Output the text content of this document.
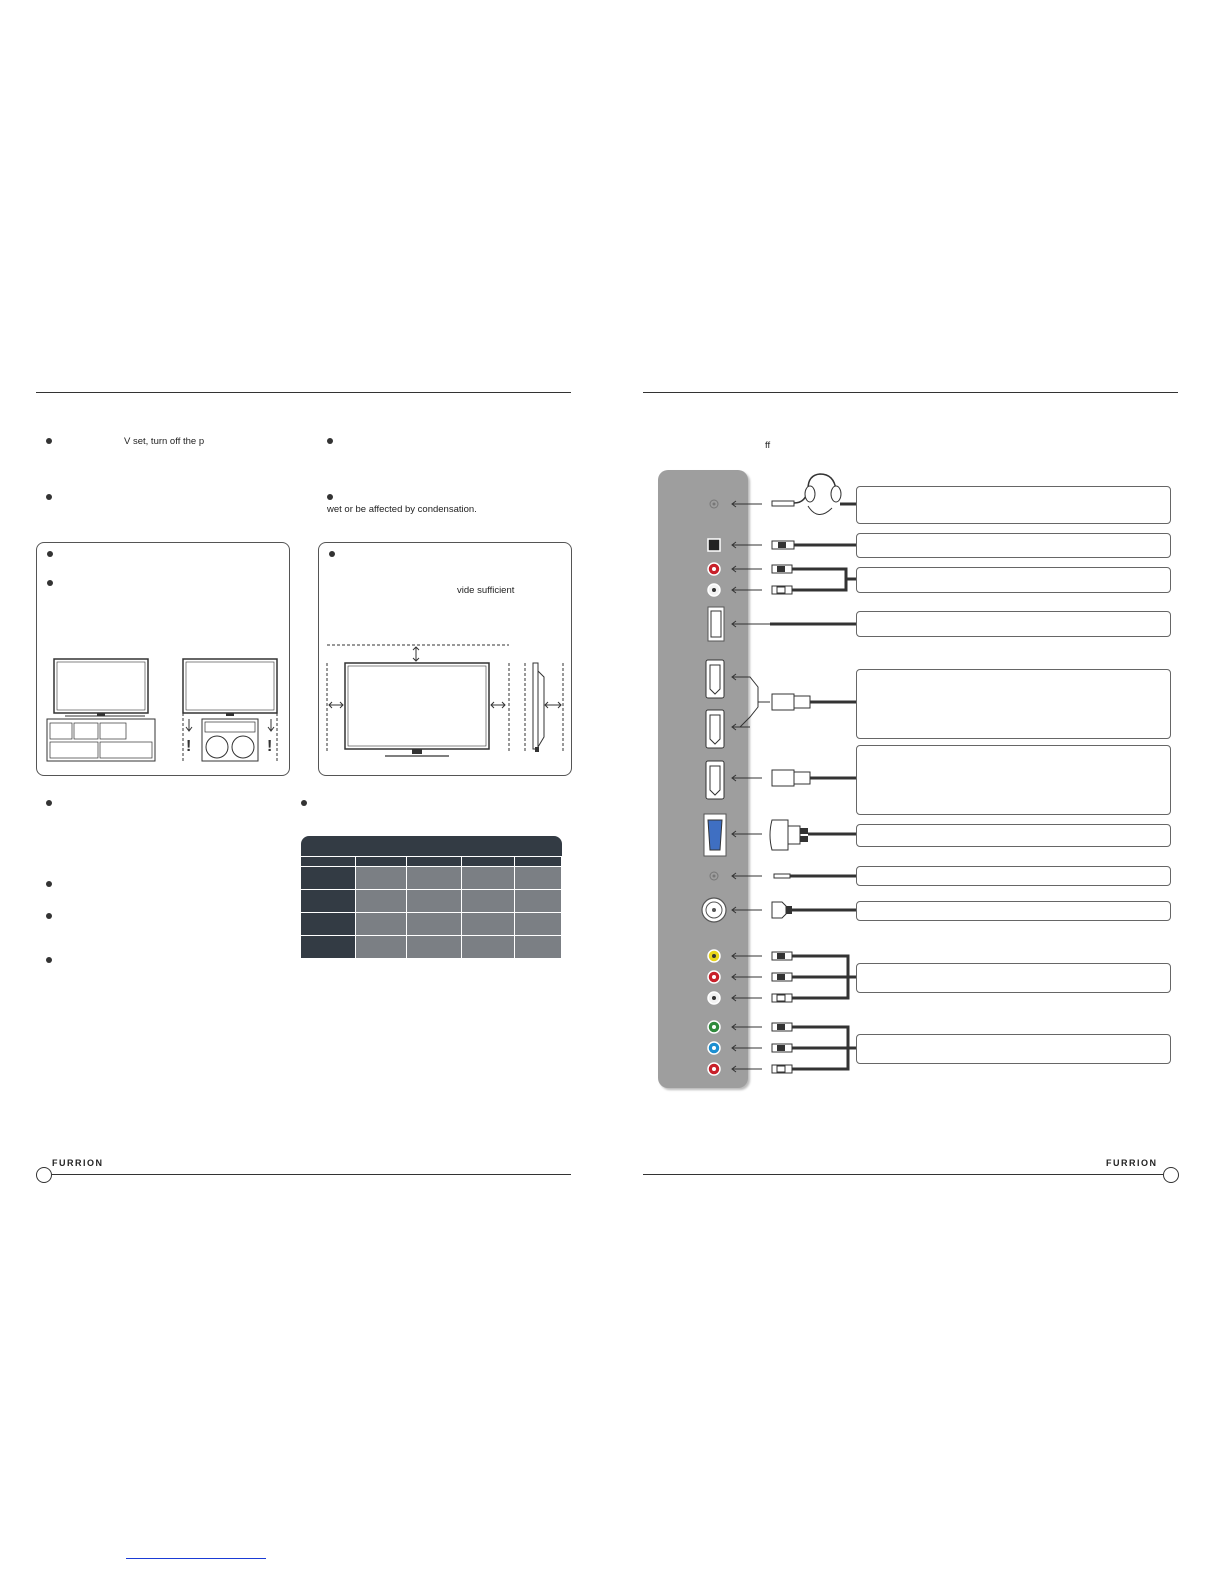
V set, turn off the p
wet or be affected by condensation.
!	!
vide sufficient
FURRION
ff
FURRION
